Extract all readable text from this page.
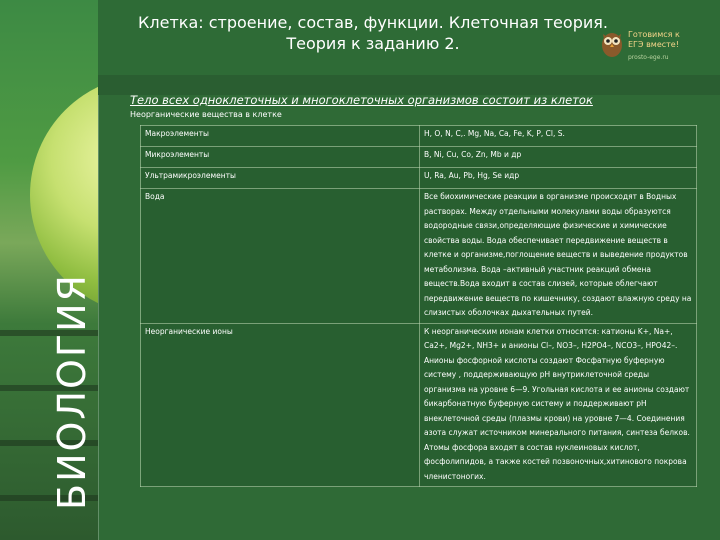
БИОЛОГИЯ
Клетка: строение, состав, функции. Клеточная теория.
Теория к заданию 2.	Готовимся к
ЕГЭ вместе!
prosto-ege.ru
Тело всех одноклеточных и многоклеточных организмов состоит из клеток
Неорганические вещества в клетке
Макроэлементы	H, O, N, C,. Mg, Na, Ca, Fe, K, P, Cl, S.
Микроэлементы	B, Ni, Cu, Co, Zn, Mb и др
Ультрамикроэлементы	U, Ra, Au, Pb, Hg, Se идр
Вода	Все биохимические реакции в организме происходят в Водных растворах. Между отдельными молекулами воды образуются водородные связи,определяющие физические и химические свойства воды. Вода обеспечивает передвижение веществ в клетке и организме,поглощение веществ и выведение продуктов метаболизма. Вода –активный участник реакций обмена веществ.Вода входит в состав слизей, которые облегчают передвижение веществ по кишечнику, создают влажную среду на слизистых оболочках дыхательных путей.
Неорганические ионы	К неорганическим ионам клетки относятся: катионы K+, Na+, Ca2+, Mg2+, NH3+ и анионы Cl–, NO3–, H2PO4–, NCO3–, HPO42–. Анионы фосфорной кислоты создают Фосфатную буферную систему , поддерживающую рН внутриклеточной среды организма на уровне 6—9. Угольная кислота и ее анионы создают бикарбонатную буферную систему и поддерживают рН внеклеточной среды (плазмы крови) на уровне 7—4. Соединения азота служат источником минерального питания, синтеза белков. Атомы фосфора входят в состав нуклеиновых кислот, фосфолипидов, а также костей позвоночных,хитинового покрова членистоногих.
